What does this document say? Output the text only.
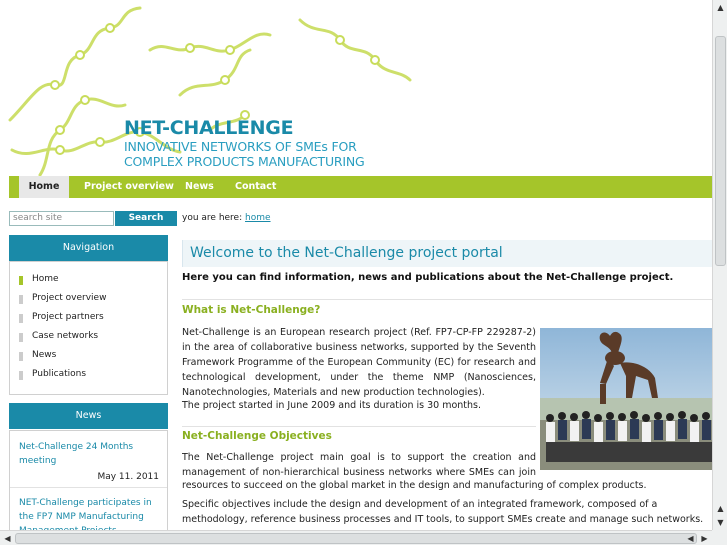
NET-CHALLENGE
INNOVATIVE NETWORKS OF SMEs FOR
COMPLEX PRODUCTS MANUFACTURING
Home	Project overview News Contact
search site	Search
Navigation
Home
Project overview
Project partners
Case networks
News
Publications
News
Net-Challenge 24 Months meeting
May 11. 2011
NET-Challenge participates in the FP7 NMP Manufacturing
you are here: home
Welcome to the Net-Challenge project portal
Here you can find information, news and publications about the Net-Challenge project.
What is Net-Challenge?
Net-Challenge is an European research project (Ref. FP7-CP-FP 229287-2) in the area of collaborative business networks, supported by the Seventh Framework Programme of the European Community (EC) for research and technological development, under the theme NMP (Nanosciences, Nanotechnologies, Materials and new production technologies).
The project started in June 2009 and its duration is 30 months.
Net-Challenge Objectives
The Net-Challenge project main goal is to support the creation and management of non-hierarchical business networks where SMEs can join
resources to succeed on the global market in the design and manufacturing of complex products.
Specific objectives include the design and development of an integrated framework, composed of a methodology, reference business processes and IT tools, to support SMEs create and manage such networks.
▲
▲
▼
◀	◀ ▶
